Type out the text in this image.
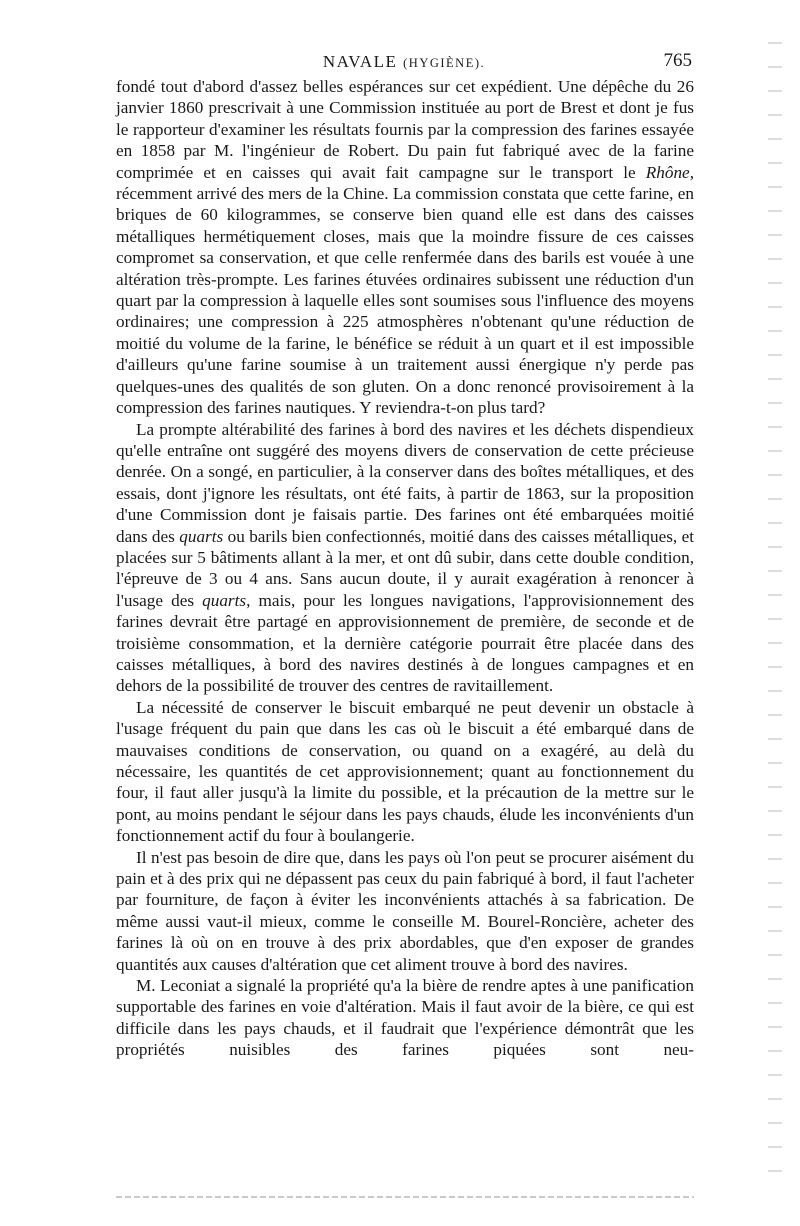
NAVALE (HYGIÈNE).	765

fondé tout d'abord d'assez belles espérances sur cet expédient. Une dépêche du 26 janvier 1860 prescrivait à une Commission instituée au port de Brest et dont je fus le rapporteur d'examiner les résultats fournis par la compression des farines essayée en 1858 par M. l'ingénieur de Robert. Du pain fut fabriqué avec de la farine comprimée et en caisses qui avait fait campagne sur le transport le Rhône, récemment arrivé des mers de la Chine. La commission constata que cette farine, en briques de 60 kilogrammes, se conserve bien quand elle est dans des caisses métalliques hermétiquement closes, mais que la moindre fissure de ces caisses compromet sa conservation, et que celle renfermée dans des barils est vouée à une altération très-prompte. Les farines étuvées ordinaires subissent une réduction d'un quart par la compression à laquelle elles sont soumises sous l'influence des moyens ordinaires; une compression à 225 atmosphères n'obtenant qu'une réduction de moitié du volume de la farine, le bénéfice se réduit à un quart et il est impossible d'ailleurs qu'une farine soumise à un traitement aussi énergique n'y perde pas quelques-unes des qualités de son gluten. On a donc renoncé provisoirement à la compression des farines nautiques. Y reviendra-t-on plus tard?

La prompte altérabilité des farines à bord des navires et les déchets dispendieux qu'elle entraîne ont suggéré des moyens divers de conservation de cette précieuse denrée. On a songé, en particulier, à la conserver dans des boîtes métalliques, et des essais, dont j'ignore les résultats, ont été faits, à partir de 1863, sur la proposition d'une Commission dont je faisais partie. Des farines ont été embarquées moitié dans des quarts ou barils bien confectionnés, moitié dans des caisses métalliques, et placées sur 5 bâtiments allant à la mer, et ont dû subir, dans cette double condition, l'épreuve de 3 ou 4 ans. Sans aucun doute, il y aurait exagération à renoncer à l'usage des quarts, mais, pour les longues navigations, l'approvisionnement des farines devrait être partagé en approvisionnement de première, de seconde et de troisième consommation, et la dernière catégorie pourrait être placée dans des caisses métalliques, à bord des navires destinés à de longues campagnes et en dehors de la possibilité de trouver des centres de ravitaillement.

La nécessité de conserver le biscuit embarqué ne peut devenir un obstacle à l'usage fréquent du pain que dans les cas où le biscuit a été embarqué dans de mauvaises conditions de conservation, ou quand on a exagéré, au delà du nécessaire, les quantités de cet approvisionnement; quant au fonctionnement du four, il faut aller jusqu'à la limite du possible, et la précaution de la mettre sur le pont, au moins pendant le séjour dans les pays chauds, élude les inconvénients d'un fonctionnement actif du four à boulangerie.

Il n'est pas besoin de dire que, dans les pays où l'on peut se procurer aisément du pain et à des prix qui ne dépassent pas ceux du pain fabriqué à bord, il faut l'acheter par fourniture, de façon à éviter les inconvénients attachés à sa fabrication. De même aussi vaut-il mieux, comme le conseille M. Bourel-Roncière, acheter des farines là où on en trouve à des prix abordables, que d'en exposer de grandes quantités aux causes d'altération que cet aliment trouve à bord des navires.

M. Leconiat a signalé la propriété qu'a la bière de rendre aptes à une panification supportable des farines en voie d'altération. Mais il faut avoir de la bière, ce qui est difficile dans les pays chauds, et il faudrait que l'expérience démontrât que les propriétés nuisibles des farines piquées sont neu-
